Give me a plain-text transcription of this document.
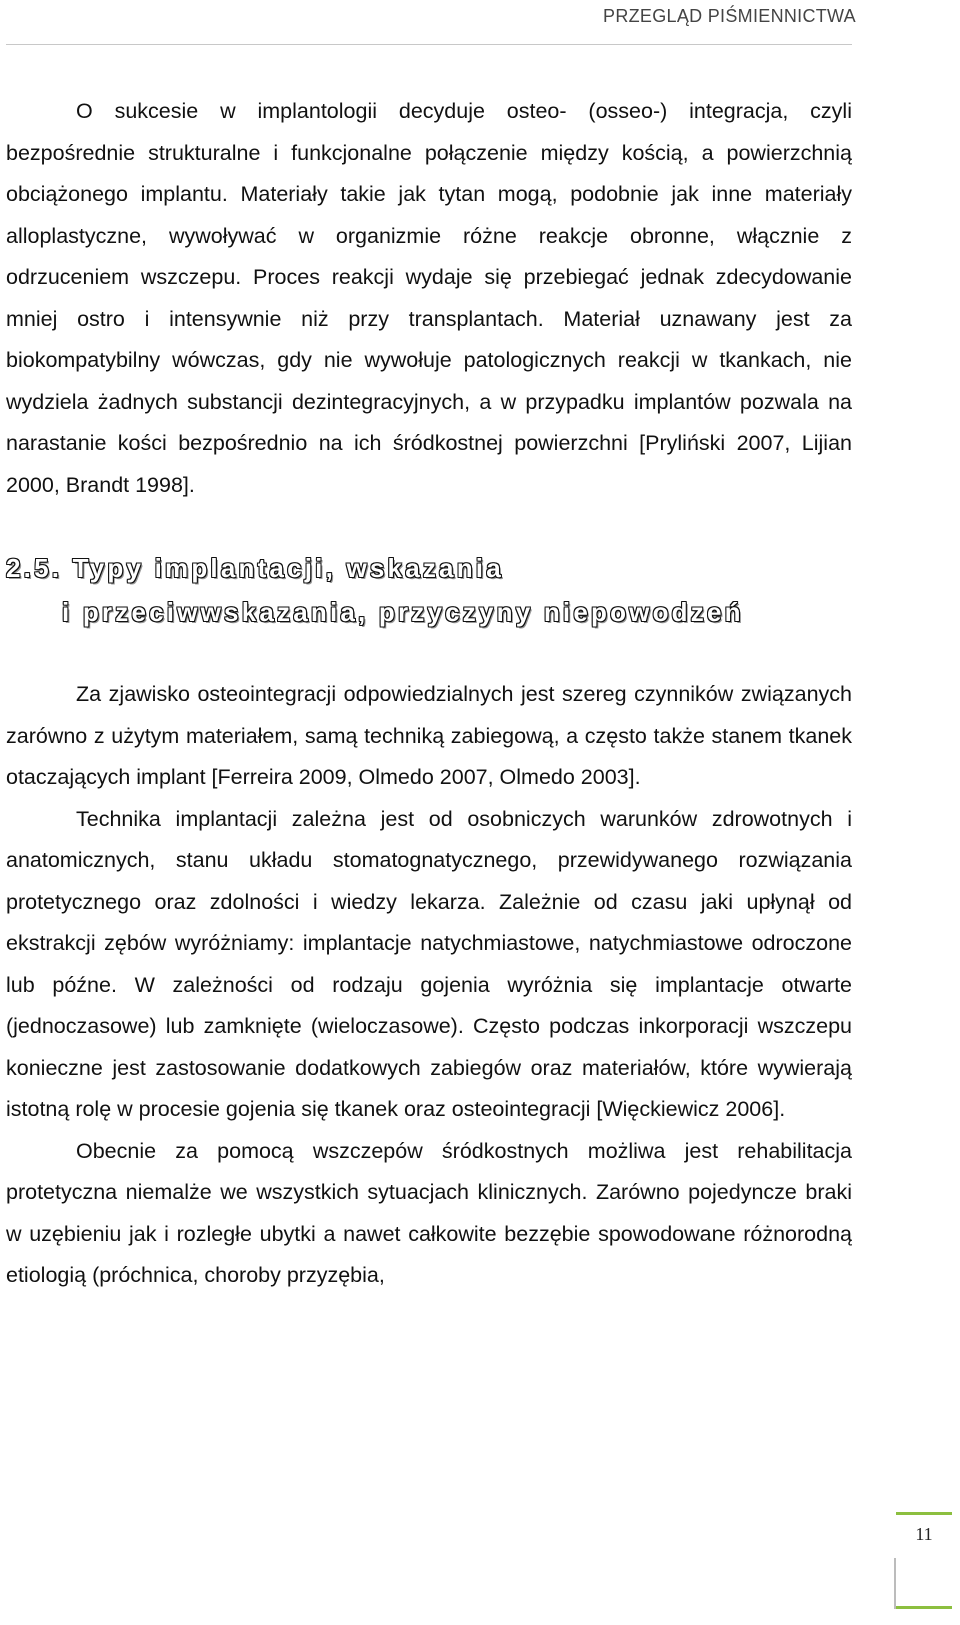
PRZEGLĄD PIŚMIENNICTWA

O sukcesie w implantologii decyduje osteo- (osseo-) integracja, czyli bezpośrednie strukturalne i funkcjonalne połączenie między kością, a powierzchnią obciążonego implantu. Materiały takie jak tytan mogą, podobnie jak inne materiały alloplastyczne, wywoływać w organizmie różne reakcje obronne, włącznie z odrzuceniem wszczepu. Proces reakcji wydaje się przebiegać jednak zdecydowanie mniej ostro i intensywnie niż przy transplantach. Materiał uznawany jest za biokompatybilny wówczas, gdy nie wywołuje patologicznych reakcji w tkankach, nie wydziela żadnych substancji dezintegracyjnych, a w przypadku implantów pozwala na narastanie kości bezpośrednio na ich śródkostnej powierzchni [Pryliński 2007, Lijian 2000, Brandt 1998].

2.5. Typy implantacji, wskazania
i przeciwwskazania, przyczyny niepowodzeń

Za zjawisko osteointegracji odpowiedzialnych jest szereg czynników związanych zarówno z użytym materiałem, samą techniką zabiegową, a często także stanem tkanek otaczających implant [Ferreira 2009, Olmedo 2007, Olmedo 2003].

Technika implantacji zależna jest od osobniczych warunków zdrowotnych i anatomicznych, stanu układu stomatognatycznego, przewidywanego rozwiązania protetycznego oraz zdolności i wiedzy lekarza. Zależnie od czasu jaki upłynął od ekstrakcji zębów wyróżniamy: implantacje natychmiastowe, natychmiastowe odroczone lub późne. W zależności od rodzaju gojenia wyróżnia się implantacje otwarte (jednoczasowe) lub zamknięte (wieloczasowe). Często podczas inkorporacji wszczepu konieczne jest zastosowanie dodatkowych zabiegów oraz materiałów, które wywierają istotną rolę w procesie gojenia się tkanek oraz osteointegracji [Więckiewicz 2006].

Obecnie za pomocą wszczepów śródkostnych możliwa jest rehabilitacja protetyczna niemalże we wszystkich sytuacjach klinicznych. Zarówno pojedyncze braki w uzębieniu jak i rozległe ubytki a nawet całkowite bezzębie spowodowane różnorodną etiologią (próchnica, choroby przyzębia,

11
